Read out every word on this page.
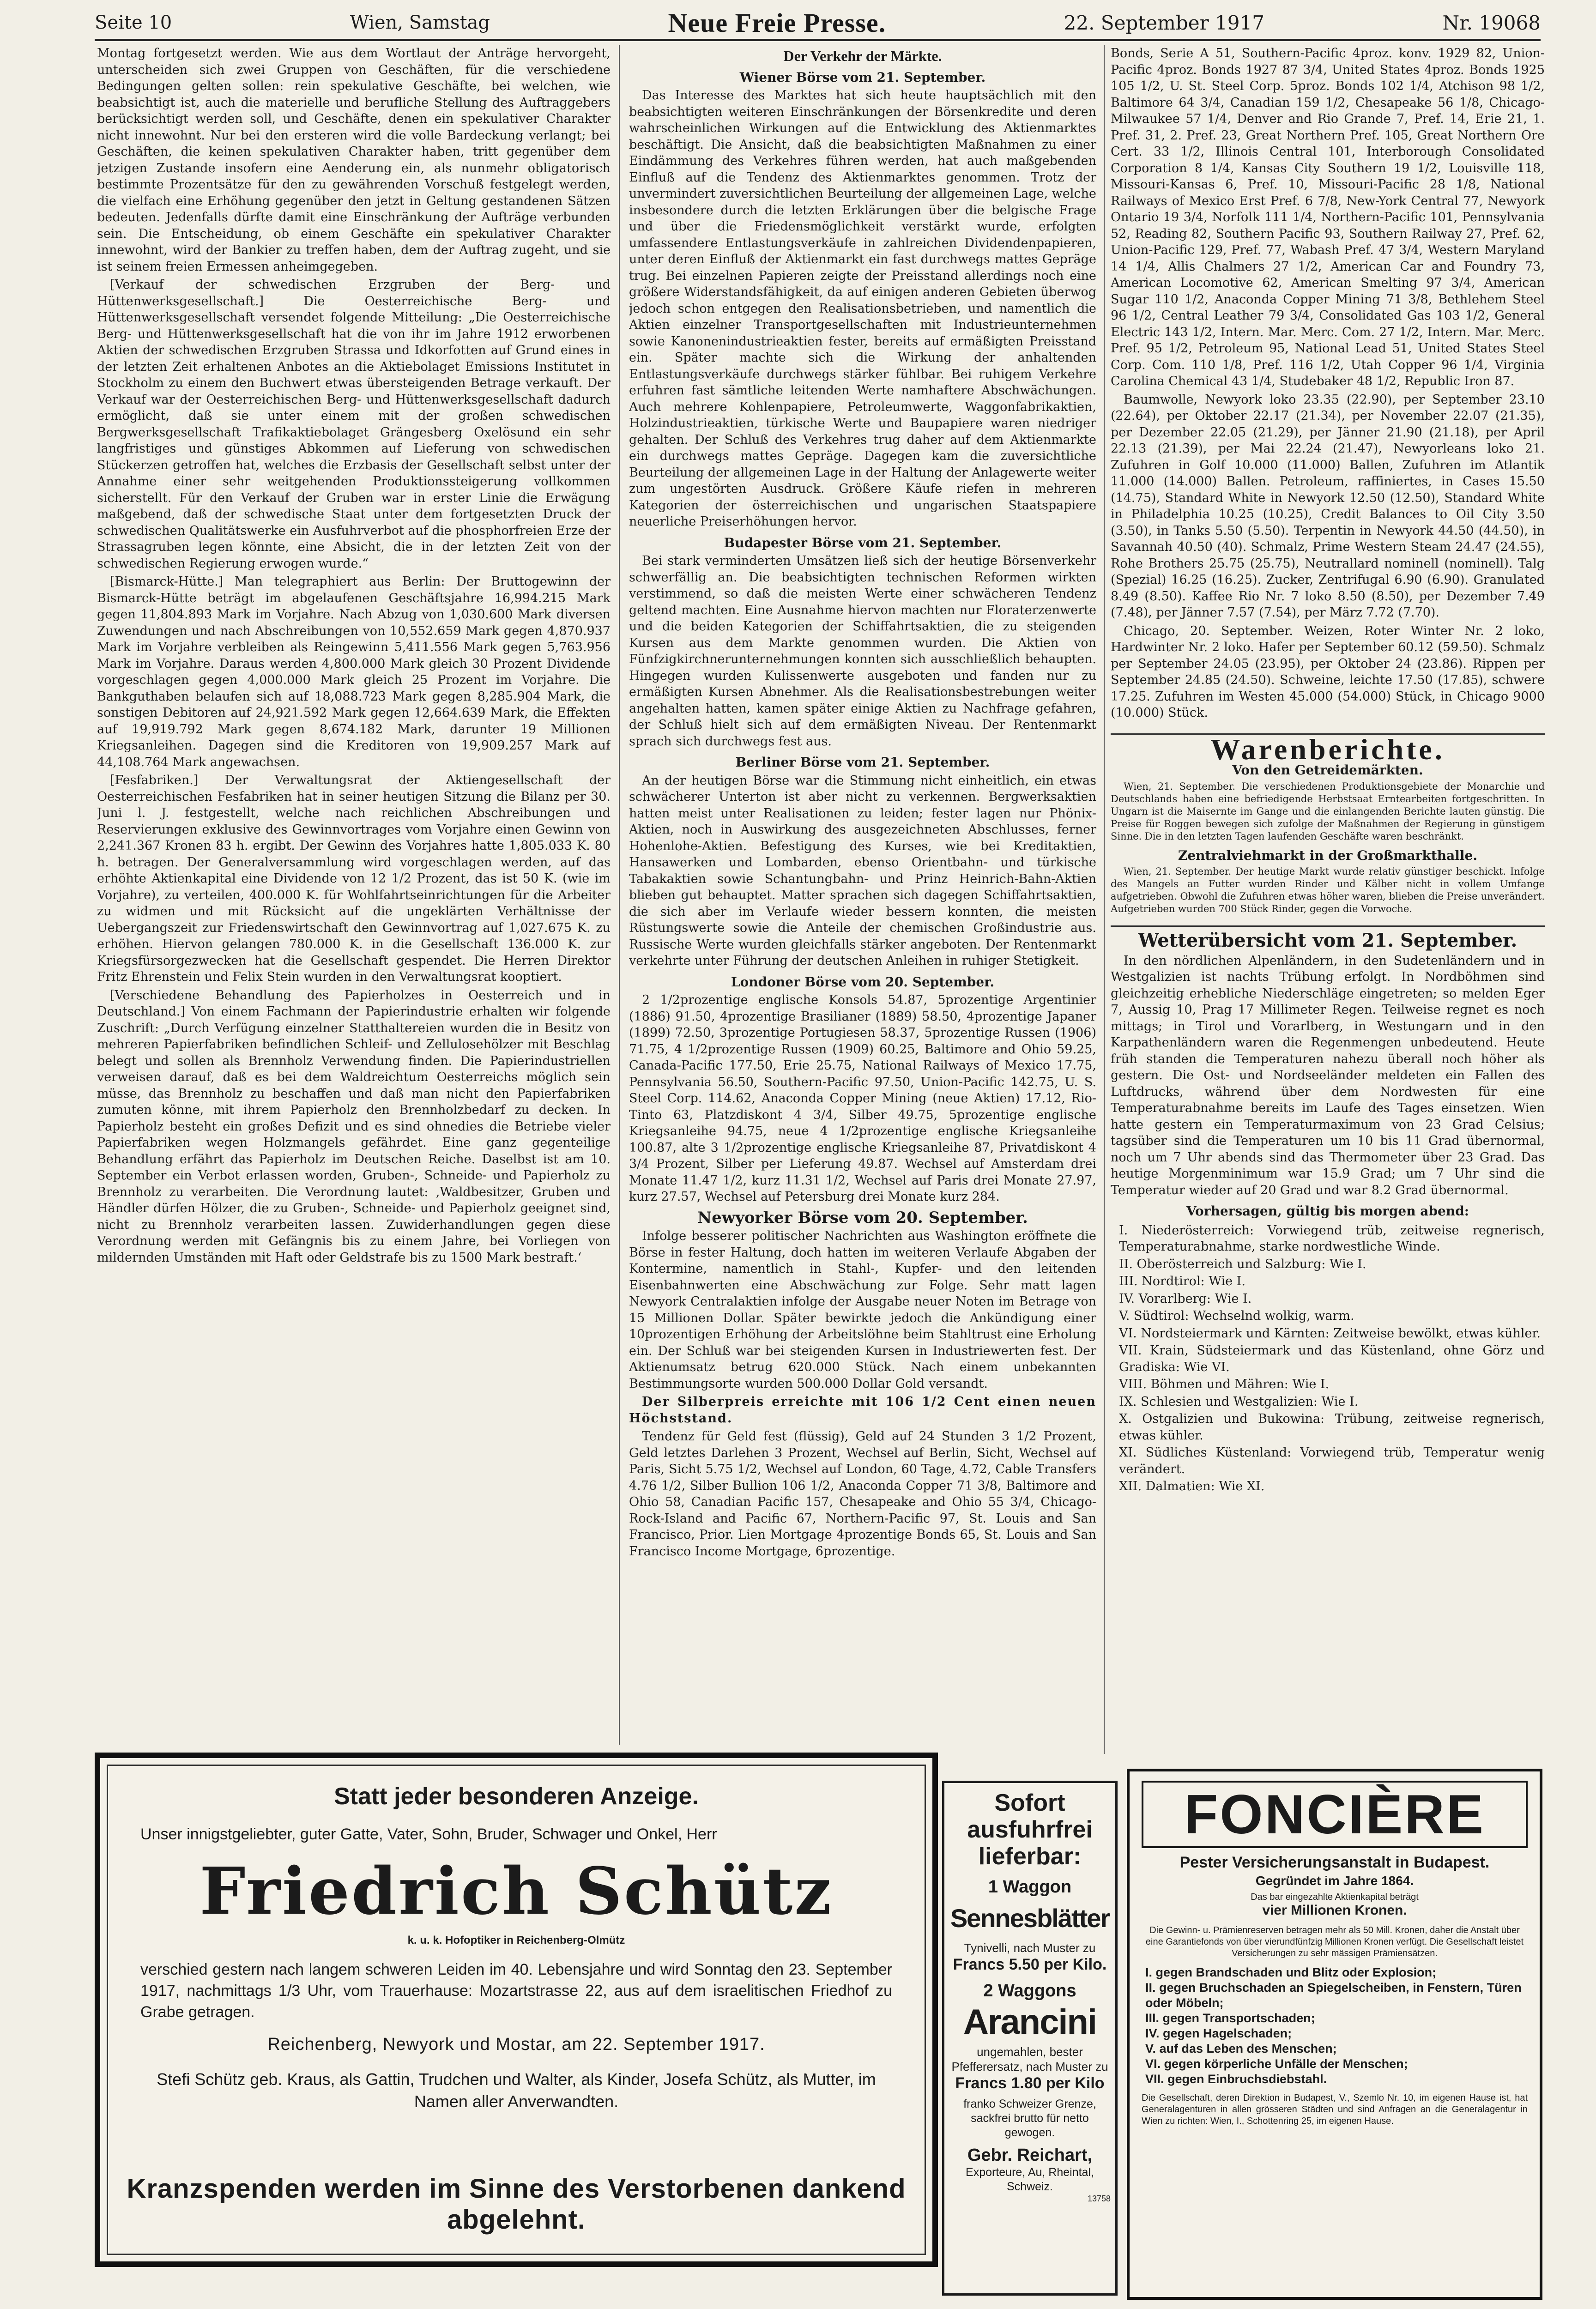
Seite 10	Wien, Samstag	Neue Freie Presse.	22. September 1917	Nr. 19068

Montag fortgesetzt werden. Wie aus dem Wortlaut der Anträge hervorgeht, unterscheiden sich zwei Gruppen von Geschäften, für die verschiedene Bedingungen gelten sollen: rein spekulative Geschäfte, bei welchen, wie beabsichtigt ist, auch die materielle und berufliche Stellung des Auftraggebers berücksichtigt werden soll, und Geschäfte, denen ein spekulativer Charakter nicht innewohnt. Nur bei den ersteren wird die volle Bardeckung verlangt; bei Geschäften, die keinen spekulativen Charakter haben, tritt gegenüber dem jetzigen Zustande insofern eine Aenderung ein, als nunmehr obligatorisch bestimmte Prozentsätze für den zu gewährenden Vorschuß festgelegt werden, die vielfach eine Erhöhung gegenüber den jetzt in Geltung gestandenen Sätzen bedeuten. Jedenfalls dürfte damit eine Einschränkung der Aufträge verbunden sein. Die Entscheidung, ob einem Geschäfte ein spekulativer Charakter innewohnt, wird der Bankier zu treffen haben, dem der Auftrag zugeht, und sie ist seinem freien Ermessen anheimgegeben.

[Verkauf der schwedischen Erzgruben der Berg- und Hüttenwerksgesellschaft.] Die Oesterreichische Berg- und Hüttenwerksgesellschaft versendet folgende Mitteilung: „Die Oesterreichische Berg- und Hüttenwerksgesellschaft hat die von ihr im Jahre 1912 erworbenen Aktien der schwedischen Erzgruben Strassa und Idkorfotten auf Grund eines in der letzten Zeit erhaltenen Anbotes an die Aktiebolaget Emissions Institutet in Stockholm zu einem den Buchwert etwas übersteigenden Betrage verkauft. Der Verkauf war der Oesterreichischen Berg- und Hüttenwerksgesellschaft dadurch ermöglicht, daß sie unter einem mit der großen schwedischen Bergwerksgesellschaft Trafikaktiebolaget Grängesberg Oxelösund ein sehr langfristiges und günstiges Abkommen auf Lieferung von schwedischen Stückerzen getroffen hat, welches die Erzbasis der Gesellschaft selbst unter der Annahme einer sehr weitgehenden Produktionssteigerung vollkommen sicherstellt. Für den Verkauf der Gruben war in erster Linie die Erwägung maßgebend, daß der schwedische Staat unter dem fortgesetzten Druck der schwedischen Qualitätswerke ein Ausfuhrverbot auf die phosphorfreien Erze der Strassagruben legen könnte, eine Absicht, die in der letzten Zeit von der schwedischen Regierung erwogen wurde.“

[Bismarck-Hütte.] Man telegraphiert aus Berlin: Der Bruttogewinn der Bismarck-Hütte beträgt im abgelaufenen Geschäftsjahre 16,994.215 Mark gegen 11,804.893 Mark im Vorjahre. Nach Abzug von 1,030.600 Mark diversen Zuwendungen und nach Abschreibungen von 10,552.659 Mark gegen 4,870.937 Mark im Vorjahre verbleiben als Reingewinn 5,411.556 Mark gegen 5,763.956 Mark im Vorjahre. Daraus werden 4,800.000 Mark gleich 30 Prozent Dividende vorgeschlagen gegen 4,000.000 Mark gleich 25 Prozent im Vorjahre. Die Bankguthaben belaufen sich auf 18,088.723 Mark gegen 8,285.904 Mark, die sonstigen Debitoren auf 24,921.592 Mark gegen 12,664.639 Mark, die Effekten auf 19,919.792 Mark gegen 8,674.182 Mark, darunter 19 Millionen Kriegsanleihen. Dagegen sind die Kreditoren von 19,909.257 Mark auf 44,108.764 Mark angewachsen.

[Fesfabriken.] Der Verwaltungsrat der Aktiengesellschaft der Oesterreichischen Fesfabriken hat in seiner heutigen Sitzung die Bilanz per 30. Juni l. J. festgestellt, welche nach reichlichen Abschreibungen und Reservierungen exklusive des Gewinnvortrages vom Vorjahre einen Gewinn von 2,241.367 Kronen 83 h. ergibt. Der Gewinn des Vorjahres hatte 1,805.033 K. 80 h. betragen. Der Generalversammlung wird vorgeschlagen werden, auf das erhöhte Aktienkapital eine Dividende von 12 1/2 Prozent, das ist 50 K. (wie im Vorjahre), zu verteilen, 400.000 K. für Wohlfahrtseinrichtungen für die Arbeiter zu widmen und mit Rücksicht auf die ungeklärten Verhältnisse der Uebergangszeit zur Friedenswirtschaft den Gewinnvortrag auf 1,027.675 K. zu erhöhen. Hiervon gelangen 780.000 K. in die Gesellschaft 136.000 K. zur Kriegsfürsorgezwecken hat die Gesellschaft gespendet. Die Herren Direktor Fritz Ehrenstein und Felix Stein wurden in den Verwaltungsrat kooptiert.

[Verschiedene Behandlung des Papierholzes in Oesterreich und in Deutschland.] Von einem Fachmann der Papierindustrie erhalten wir folgende Zuschrift: „Durch Verfügung einzelner Statthaltereien wurden die in Besitz von mehreren Papierfabriken befindlichen Schleif- und Zellulosehölzer mit Beschlag belegt und sollen als Brennholz Verwendung finden. Die Papierindustriellen verweisen darauf, daß es bei dem Waldreichtum Oesterreichs möglich sein müsse, das Brennholz zu beschaffen und daß man nicht den Papierfabriken zumuten könne, mit ihrem Papierholz den Brennholzbedarf zu decken. In Papierholz besteht ein großes Defizit und es sind ohnedies die Betriebe vieler Papierfabriken wegen Holzmangels gefährdet. Eine ganz gegenteilige Behandlung erfährt das Papierholz im Deutschen Reiche. Daselbst ist am 10. September ein Verbot erlassen worden, Gruben-, Schneide- und Papierholz zu Brennholz zu verarbeiten. Die Verordnung lautet: ‚Waldbesitzer, Gruben und Händler dürfen Hölzer, die zu Gruben-, Schneide- und Papierholz geeignet sind, nicht zu Brennholz verarbeiten lassen. Zuwiderhandlungen gegen diese Verordnung werden mit Gefängnis bis zu einem Jahre, bei Vorliegen von mildernden Umständen mit Haft oder Geldstrafe bis zu 1500 Mark bestraft.‘

Der Verkehr der Märkte.
Wiener Börse vom 21. September.

Das Interesse des Marktes hat sich heute hauptsächlich mit den beabsichtigten weiteren Einschränkungen der Börsenkredite und deren wahrscheinlichen Wirkungen auf die Entwicklung des Aktienmarktes beschäftigt. Die Ansicht, daß die beabsichtigten Maßnahmen zu einer Eindämmung des Verkehres führen werden, hat auch maßgebenden Einfluß auf die Tendenz des Aktienmarktes genommen. Trotz der unvermindert zuversichtlichen Beurteilung der allgemeinen Lage, welche insbesondere durch die letzten Erklärungen über die belgische Frage und über die Friedensmöglichkeit verstärkt wurde, erfolgten umfassendere Entlastungsverkäufe in zahlreichen Dividendenpapieren, unter deren Einfluß der Aktienmarkt ein fast durchwegs mattes Gepräge trug. Bei einzelnen Papieren zeigte der Preisstand allerdings noch eine größere Widerstandsfähigkeit, da auf einigen anderen Gebieten überwog jedoch schon entgegen den Realisationsbetrieben, und namentlich die Aktien einzelner Transportgesellschaften mit Industrieunternehmen sowie Kanonenindustrieaktien fester, bereits auf ermäßigten Preisstand ein. Später machte sich die Wirkung der anhaltenden Entlastungsverkäufe durchwegs stärker fühlbar. Bei ruhigem Verkehre erfuhren fast sämtliche leitenden Werte namhaftere Abschwächungen. Auch mehrere Kohlenpapiere, Petroleumwerte, Waggonfabrikaktien, Holzindustrieaktien, türkische Werte und Baupapiere waren niedriger gehalten. Der Schluß des Verkehres trug daher auf dem Aktienmarkte ein durchwegs mattes Gepräge. Dagegen kam die zuversichtliche Beurteilung der allgemeinen Lage in der Haltung der Anlagewerte weiter zum ungestörten Ausdruck. Größere Käufe riefen in mehreren Kategorien der österreichischen und ungarischen Staatspapiere neuerliche Preiserhöhungen hervor.

Budapester Börse vom 21. September.

Bei stark verminderten Umsätzen ließ sich der heutige Börsenverkehr schwerfällig an. Die beabsichtigten technischen Reformen wirkten verstimmend, so daß die meisten Werte einer schwächeren Tendenz geltend machten. Eine Ausnahme hiervon machten nur Floraterzenwerte und die beiden Kategorien der Schiffahrtsaktien, die zu steigenden Kursen aus dem Markte genommen wurden. Die Aktien von Fünfzigkirchnerunternehmungen konnten sich ausschließlich behaupten. Hingegen wurden Kulissenwerte ausgeboten und fanden nur zu ermäßigten Kursen Abnehmer. Als die Realisationsbestrebungen weiter angehalten hatten, kamen später einige Aktien zu Nachfrage gefahren, der Schluß hielt sich auf dem ermäßigten Niveau. Der Rentenmarkt sprach sich durchwegs fest aus.

Berliner Börse vom 21. September.

An der heutigen Börse war die Stimmung nicht einheitlich, ein etwas schwächerer Unterton ist aber nicht zu verkennen. Bergwerksaktien hatten meist unter Realisationen zu leiden; fester lagen nur Phönix-Aktien, noch in Auswirkung des ausgezeichneten Abschlusses, ferner Hohenlohe-Aktien. Befestigung des Kurses, wie bei Kreditaktien, Hansawerken und Lombarden, ebenso Orientbahn- und türkische Tabakaktien sowie Schantungbahn- und Prinz Heinrich-Bahn-Aktien blieben gut behauptet. Matter sprachen sich dagegen Schiffahrtsaktien, die sich aber im Verlaufe wieder bessern konnten, die meisten Rüstungswerte sowie die Anteile der chemischen Großindustrie aus. Russische Werte wurden gleichfalls stärker angeboten. Der Rentenmarkt verkehrte unter Führung der deutschen Anleihen in ruhiger Stetigkeit.

Londoner Börse vom 20. September.

2 1/2prozentige englische Konsols 54.87, 5prozentige Argentinier (1886) 91.50, 4prozentige Brasilianer (1889) 58.50, 4prozentige Japaner (1899) 72.50, 3prozentige Portugiesen 58.37, 5prozentige Russen (1906) 71.75, 4 1/2prozentige Russen (1909) 60.25, Baltimore and Ohio 59.25, Canada-Pacific 177.50, Erie 25.75, National Railways of Mexico 17.75, Pennsylvania 56.50, Southern-Pacific 97.50, Union-Pacific 142.75, U. S. Steel Corp. 114.62, Anaconda Copper Mining (neue Aktien) 17.12, Rio-Tinto 63, Platzdiskont 4 3/4, Silber 49.75, 5prozentige englische Kriegsanleihe 94.75, neue 4 1/2prozentige englische Kriegsanleihe 100.87, alte 3 1/2prozentige englische Kriegsanleihe 87, Privatdiskont 4 3/4 Prozent, Silber per Lieferung 49.87. Wechsel auf Amsterdam drei Monate 11.47 1/2, kurz 11.31 1/2, Wechsel auf Paris drei Monate 27.97, kurz 27.57, Wechsel auf Petersburg drei Monate kurz 284.

Newyorker Börse vom 20. September.

Infolge besserer politischer Nachrichten aus Washington eröffnete die Börse in fester Haltung, doch hatten im weiteren Verlaufe Abgaben der Kontermine, namentlich in Stahl-, Kupfer- und den leitenden Eisenbahnwerten eine Abschwächung zur Folge. Sehr matt lagen Newyork Centralaktien infolge der Ausgabe neuer Noten im Betrage von 15 Millionen Dollar. Später bewirkte jedoch die Ankündigung einer 10prozentigen Erhöhung der Arbeitslöhne beim Stahltrust eine Erholung ein. Der Schluß war bei steigenden Kursen in Industriewerten fest. Der Aktienumsatz betrug 620.000 Stück. Nach einem unbekannten Bestimmungsorte wurden 500.000 Dollar Gold versandt.

Der Silberpreis erreichte mit 106 1/2 Cent einen neuen Höchststand.

Tendenz für Geld fest (flüssig), Geld auf 24 Stunden 3 1/2 Prozent, Geld letztes Darlehen 3 Prozent, Wechsel auf Berlin, Sicht, Wechsel auf Paris, Sicht 5.75 1/2, Wechsel auf London, 60 Tage, 4.72, Cable Transfers 4.76 1/2, Silber Bullion 106 1/2, Anaconda Copper 71 3/8, Baltimore and Ohio 58, Canadian Pacific 157, Chesapeake and Ohio 55 3/4, Chicago-Rock-Island and Pacific 67, Northern-Pacific 97, St. Louis and San Francisco, Prior. Lien Mortgage 4prozentige Bonds 65, St. Louis and San Francisco Income Mortgage, 6prozentige.

Bonds, Serie A 51, Southern-Pacific 4proz. konv. 1929 82, Union-Pacific 4proz. Bonds 1927 87 3/4, United States 4proz. Bonds 1925 105 1/2, U. St. Steel Corp. 5proz. Bonds 102 1/4, Atchison 98 1/2, Baltimore 64 3/4, Canadian 159 1/2, Chesapeake 56 1/8, Chicago-Milwaukee 57 1/4, Denver and Rio Grande 7, Pref. 14, Erie 21, 1. Pref. 31, 2. Pref. 23, Great Northern Pref. 105, Great Northern Ore Cert. 33 1/2, Illinois Central 101, Interborough Consolidated Corporation 8 1/4, Kansas City Southern 19 1/2, Louisville 118, Missouri-Kansas 6, Pref. 10, Missouri-Pacific 28 1/8, National Railways of Mexico Erst Pref. 6 7/8, New-York Central 77, Newyork Ontario 19 3/4, Norfolk 111 1/4, Northern-Pacific 101, Pennsylvania 52, Reading 82, Southern Pacific 93, Southern Railway 27, Pref. 62, Union-Pacific 129, Pref. 77, Wabash Pref. 47 3/4, Western Maryland 14 1/4, Allis Chalmers 27 1/2, American Car and Foundry 73, American Locomotive 62, American Smelting 97 3/4, American Sugar 110 1/2, Anaconda Copper Mining 71 3/8, Bethlehem Steel 96 1/2, Central Leather 79 3/4, Consolidated Gas 103 1/2, General Electric 143 1/2, Intern. Mar. Merc. Com. 27 1/2, Intern. Mar. Merc. Pref. 95 1/2, Petroleum 95, National Lead 51, United States Steel Corp. Com. 110 1/8, Pref. 116 1/2, Utah Copper 96 1/4, Virginia Carolina Chemical 43 1/4, Studebaker 48 1/2, Republic Iron 87.

Baumwolle, Newyork loko 23.35 (22.90), per September 23.10 (22.64), per Oktober 22.17 (21.34), per November 22.07 (21.35), per Dezember 22.05 (21.29), per Jänner 21.90 (21.18), per April 22.13 (21.39), per Mai 22.24 (21.47), Newyorleans loko 21. Zufuhren in Golf 10.000 (11.000) Ballen, Zufuhren im Atlantik 11.000 (14.000) Ballen. Petroleum, raffiniertes, in Cases 15.50 (14.75), Standard White in Newyork 12.50 (12.50), Standard White in Philadelphia 10.25 (10.25), Credit Balances to Oil City 3.50 (3.50), in Tanks 5.50 (5.50). Terpentin in Newyork 44.50 (44.50), in Savannah 40.50 (40). Schmalz, Prime Western Steam 24.47 (24.55), Rohe Brothers 25.75 (25.75), Neutrallard nominell (nominell). Talg (Spezial) 16.25 (16.25). Zucker, Zentrifugal 6.90 (6.90). Granulated 8.49 (8.50). Kaffee Rio Nr. 7 loko 8.50 (8.50), per Dezember 7.49 (7.48), per Jänner 7.57 (7.54), per März 7.72 (7.70).

Chicago, 20. September. Weizen, Roter Winter Nr. 2 loko, Hardwinter Nr. 2 loko. Hafer per September 60.12 (59.50). Schmalz per September 24.05 (23.95), per Oktober 24 (23.86). Rippen per September 24.85 (24.50). Schweine, leichte 17.50 (17.85), schwere 17.25. Zufuhren im Westen 45.000 (54.000) Stück, in Chicago 9000 (10.000) Stück.

Warenberichte.
Von den Getreidemärkten.

Wien, 21. September. Die verschiedenen Produktionsgebiete der Monarchie und Deutschlands haben eine befriedigende Herbstsaat Erntearbeiten fortgeschritten. In Ungarn ist die Maisernte im Gange und die einlangenden Berichte lauten günstig. Die Preise für Roggen bewegen sich zufolge der Maßnahmen der Regierung in günstigem Sinne. Die in den letzten Tagen laufenden Geschäfte waren beschränkt.

Zentralviehmarkt in der Großmarkthalle.

Wien, 21. September. Der heutige Markt wurde relativ günstiger beschickt. Infolge des Mangels an Futter wurden Rinder und Kälber nicht in vollem Umfange aufgetrieben. Obwohl die Zufuhren etwas höher waren, blieben die Preise unverändert. Aufgetrieben wurden 700 Stück Rinder, gegen die Vorwoche.

Wetterübersicht vom 21. September.

In den nördlichen Alpenländern, in den Sudetenländern und in Westgalizien ist nachts Trübung erfolgt. In Nordböhmen sind gleichzeitig erhebliche Niederschläge eingetreten; so melden Eger 7, Aussig 10, Prag 17 Millimeter Regen. Teilweise regnet es noch mittags; in Tirol und Vorarlberg, in Westungarn und in den Karpathenländern waren die Regenmengen unbedeutend. Heute früh standen die Temperaturen nahezu überall noch höher als gestern. Die Ost- und Nordseeländer meldeten ein Fallen des Luftdrucks, während über dem Nordwesten für eine Temperaturabnahme bereits im Laufe des Tages einsetzen. Wien hatte gestern ein Temperaturmaximum von 23 Grad Celsius; tagsüber sind die Temperaturen um 10 bis 11 Grad übernormal, noch um 7 Uhr abends sind das Thermometer über 23 Grad. Das heutige Morgenminimum war 15.9 Grad; um 7 Uhr sind die Temperatur wieder auf 20 Grad und war 8.2 Grad übernormal.

Vorhersagen, gültig bis morgen abend:
I. Niederösterreich: Vorwiegend trüb, zeitweise regnerisch, Temperaturabnahme, starke nordwestliche Winde.
II. Oberösterreich und Salzburg: Wie I.
III. Nordtirol: Wie I.
IV. Vorarlberg: Wie I.
V. Südtirol: Wechselnd wolkig, warm.
VI. Nordsteiermark und Kärnten: Zeitweise bewölkt, etwas kühler.
VII. Krain, Südsteiermark und das Küstenland, ohne Görz und Gradiska: Wie VI.
VIII. Böhmen und Mähren: Wie I.
IX. Schlesien und Westgalizien: Wie I.
X. Ostgalizien und Bukowina: Trübung, zeitweise regnerisch, etwas kühler.
XI. Südliches Küstenland: Vorwiegend trüb, Temperatur wenig verändert.
XII. Dalmatien: Wie XI.
Statt jeder besonderen Anzeige.
Unser innigstgeliebter, guter Gatte, Vater, Sohn, Bruder, Schwager und Onkel, Herr
Friedrich Schütz
k. u. k. Hofoptiker in Reichenberg-Olmütz
verschied gestern nach langem schweren Leiden im 40. Lebensjahre und wird Sonntag den 23. September 1917, nachmittags 1/3 Uhr, vom Trauerhause: Mozartstrasse 22, aus auf dem israelitischen Friedhof zu Grabe getragen.
Reichenberg, Newyork und Mostar, am 22. September 1917.
Stefi Schütz geb. Kraus, als Gattin, Trudchen und Walter, als Kinder, Josefa Schütz, als Mutter, im Namen aller Anverwandten.
Kranzspenden werden im Sinne des Verstorbenen dankend abgelehnt.
Sofort
ausfuhrfrei
lieferbar:
1 Waggon
Sennesblätter
Tynivelli, nach Muster zu
Francs 5.50 per Kilo.
2 Waggons
Arancini
ungemahlen, bester Pfefferersatz, nach Muster zu
Francs 1.80 per Kilo
franko Schweizer Grenze, sackfrei brutto für netto gewogen.
Gebr. Reichart,
Exporteure, Au, Rheintal, Schweiz.
13758
FONCIÈRE
Pester Versicherungsanstalt in Budapest.
Gegründet im Jahre 1864.
Das bar eingezahlte Aktienkapital beträgt
vier Millionen Kronen.
Die Gewinn- u. Prämienreserven betragen mehr als 50 Mill. Kronen, daher die Anstalt über eine Garantiefonds von über vierundfünfzig Millionen Kronen verfügt. Die Gesellschaft leistet Versicherungen zu sehr mässigen Prämiensätzen.
I. gegen Brandschaden und Blitz oder Explosion;
II. gegen Bruchschaden an Spiegelscheiben, in Fenstern, Türen oder Möbeln;
III. gegen Transportschaden;
IV. gegen Hagelschaden;
V. auf das Leben des Menschen;
VI. gegen körperliche Unfälle der Menschen;
VII. gegen Einbruchsdiebstahl.
Die Gesellschaft, deren Direktion in Budapest, V., Szemlo Nr. 10, im eigenen Hause ist, hat Generalagenturen in allen grösseren Städten und sind Anfragen an die Generalagentur in Wien zu richten: Wien, I., Schottenring 25, im eigenen Hause.
